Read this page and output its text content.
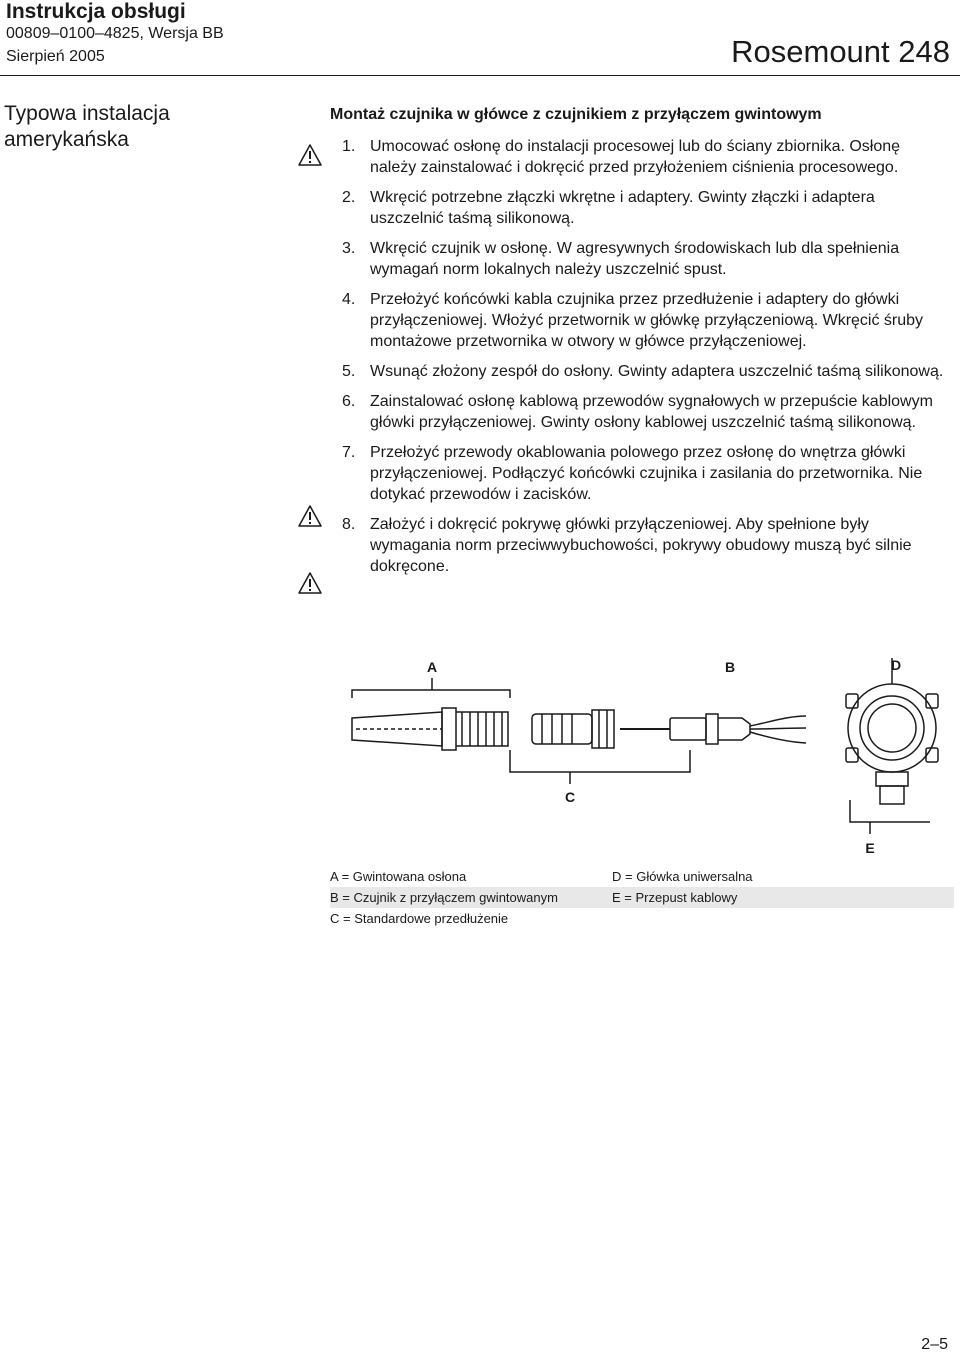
Instrukcja obsługi
00809–0100–4825, Wersja BB
Sierpień 2005	Rosemount 248
Typowa instalacja amerykańska
Montaż czujnika w główce z czujnikiem z przyłączem gwintowym
1. Umocować osłonę do instalacji procesowej lub do ściany zbiornika. Osłonę należy zainstalować i dokręcić przed przyłożeniem ciśnienia procesowego.
2. Wkręcić potrzebne złączki wkrętne i adaptery. Gwinty złączki i adaptera uszczelnić taśmą silikonową.
3. Wkręcić czujnik w osłonę. W agresywnych środowiskach lub dla spełnienia wymagań norm lokalnych należy uszczelnić spust.
4. Przełożyć końcówki kabla czujnika przez przedłużenie i adaptery do główki przyłączeniowej. Włożyć przetwornik w główkę przyłączeniową. Wkręcić śruby montażowe przetwornika w otwory w główce przyłączeniowej.
5. Wsunąć złożony zespół do osłony. Gwinty adaptera uszczelnić taśmą silikonową.
6. Zainstalować osłonę kablową przewodów sygnałowych w przepuście kablowym główki przyłączeniowej. Gwinty osłony kablowej uszczelnić taśmą silikonową.
7. Przełożyć przewody okablowania polowego przez osłonę do wnętrza główki przyłączeniowej. Podłączyć końcówki czujnika i zasilania do przetwornika. Nie dotykać przewodów i zacisków.
8. Założyć i dokręcić pokrywę główki przyłączeniowej. Aby spełnione były wymagania norm przeciwwybuchowości, pokrywy obudowy muszą być silnie dokręcone.
A	B
C
D
E
A = Gwintowana osłona	D = Główka uniwersalna
B = Czujnik z przyłączem gwintowanym	E = Przepust kablowy
C = Standardowe przedłużenie	
2–5
